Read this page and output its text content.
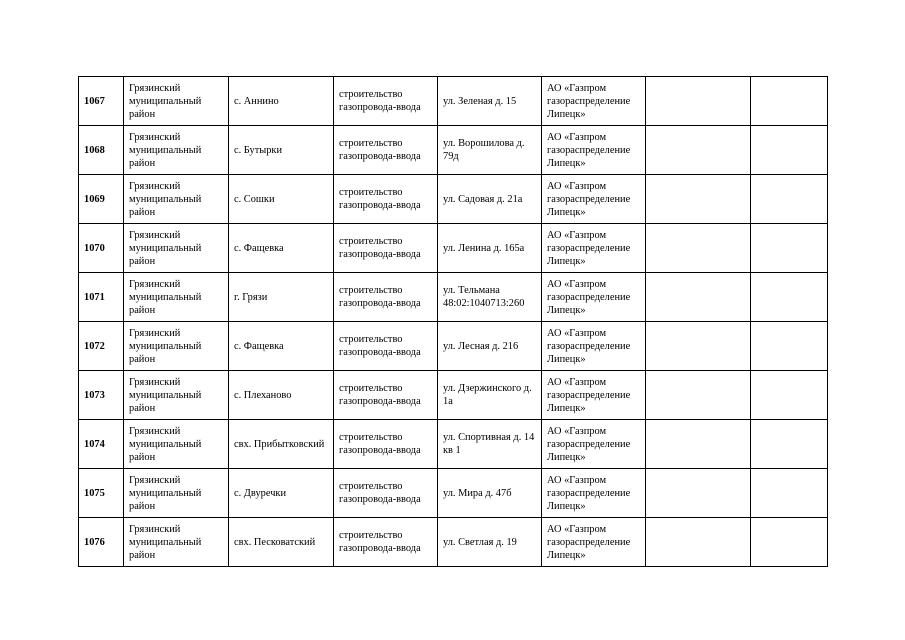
1067	Грязинский муниципальный район	с. Аннино	строительство газопровода-ввода	ул. Зеленая д. 15	АО «Газпром газораспределение Липецк»		
1068	Грязинский муниципальный район	с. Бутырки	строительство газопровода-ввода	ул. Ворошилова д. 79д	АО «Газпром газораспределение Липецк»		
1069	Грязинский муниципальный район	с. Сошки	строительство газопровода-ввода	ул. Садовая д. 21а	АО «Газпром газораспределение Липецк»		
1070	Грязинский муниципальный район	с. Фащевка	строительство газопровода-ввода	ул. Ленина д. 165а	АО «Газпром газораспределение Липецк»		
1071	Грязинский муниципальный район	г. Грязи	строительство газопровода-ввода	ул. Тельмана 48:02:1040713:260	АО «Газпром газораспределение Липецк»		
1072	Грязинский муниципальный район	с. Фащевка	строительство газопровода-ввода	ул. Лесная д. 216	АО «Газпром газораспределение Липецк»		
1073	Грязинский муниципальный район	с. Плеханово	строительство газопровода-ввода	ул. Дзержинского д. 1а	АО «Газпром газораспределение Липецк»		
1074	Грязинский муниципальный район	свх. Прибытковский	строительство газопровода-ввода	ул. Спортивная д. 14 кв 1	АО «Газпром газораспределение Липецк»		
1075	Грязинский муниципальный район	с. Двуречки	строительство газопровода-ввода	ул. Мира д. 47б	АО «Газпром газораспределение Липецк»		
1076	Грязинский муниципальный район	свх. Песковатский	строительство газопровода-ввода	ул. Светлая д. 19	АО «Газпром газораспределение Липецк»		
